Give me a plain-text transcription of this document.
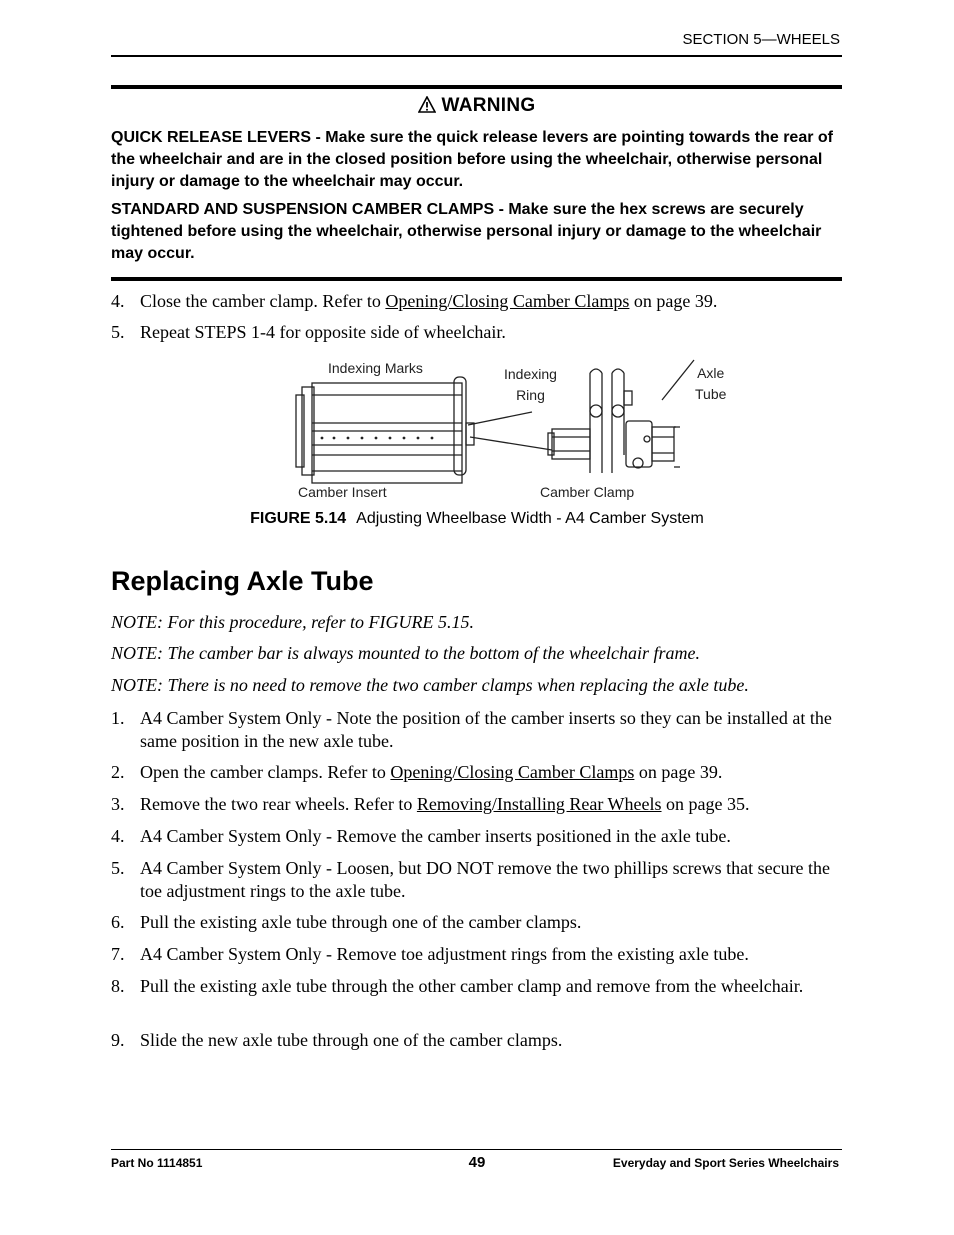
SECTION 5—WHEELS
WARNING
QUICK RELEASE LEVERS - Make sure the quick release levers are pointing towards the rear of the wheelchair and are in the closed position before using the wheelchair, otherwise personal injury or damage to the wheelchair may occur.
STANDARD AND SUSPENSION CAMBER CLAMPS - Make sure the hex screws are securely tightened before using the wheelchair, otherwise personal injury or damage to the wheelchair may occur.
4. Close the camber clamp. Refer to Opening/Closing Camber Clamps on page 39.
5. Repeat STEPS 1-4 for opposite side of wheelchair.
Indexing Marks	Indexing
Ring
Axle
Tube
Camber Insert	Camber Clamp
FIGURE 5.14 Adjusting Wheelbase Width - A4 Camber System
Replacing Axle Tube
NOTE: For this procedure, refer to FIGURE 5.15.
NOTE: The camber bar is always mounted to the bottom of the wheelchair frame.
NOTE: There is no need to remove the two camber clamps when replacing the axle tube.
1. A4 Camber System Only - Note the position of the camber inserts so they can be installed at the same position in the new axle tube.
2. Open the camber clamps. Refer to Opening/Closing Camber Clamps on page 39.
3. Remove the two rear wheels. Refer to Removing/Installing Rear Wheels on page 35.
4. A4 Camber System Only - Remove the camber inserts positioned in the axle tube.
5. A4 Camber System Only - Loosen, but DO NOT remove the two phillips screws that secure the toe adjustment rings to the axle tube.
6. Pull the existing axle tube through one of the camber clamps.
7. A4 Camber System Only - Remove toe adjustment rings from the existing axle tube.
8. Pull the existing axle tube through the other camber clamp and remove from the wheelchair.
9. Slide the new axle tube through one of the camber clamps.
Part No 1114851	49	Everyday and Sport Series Wheelchairs
